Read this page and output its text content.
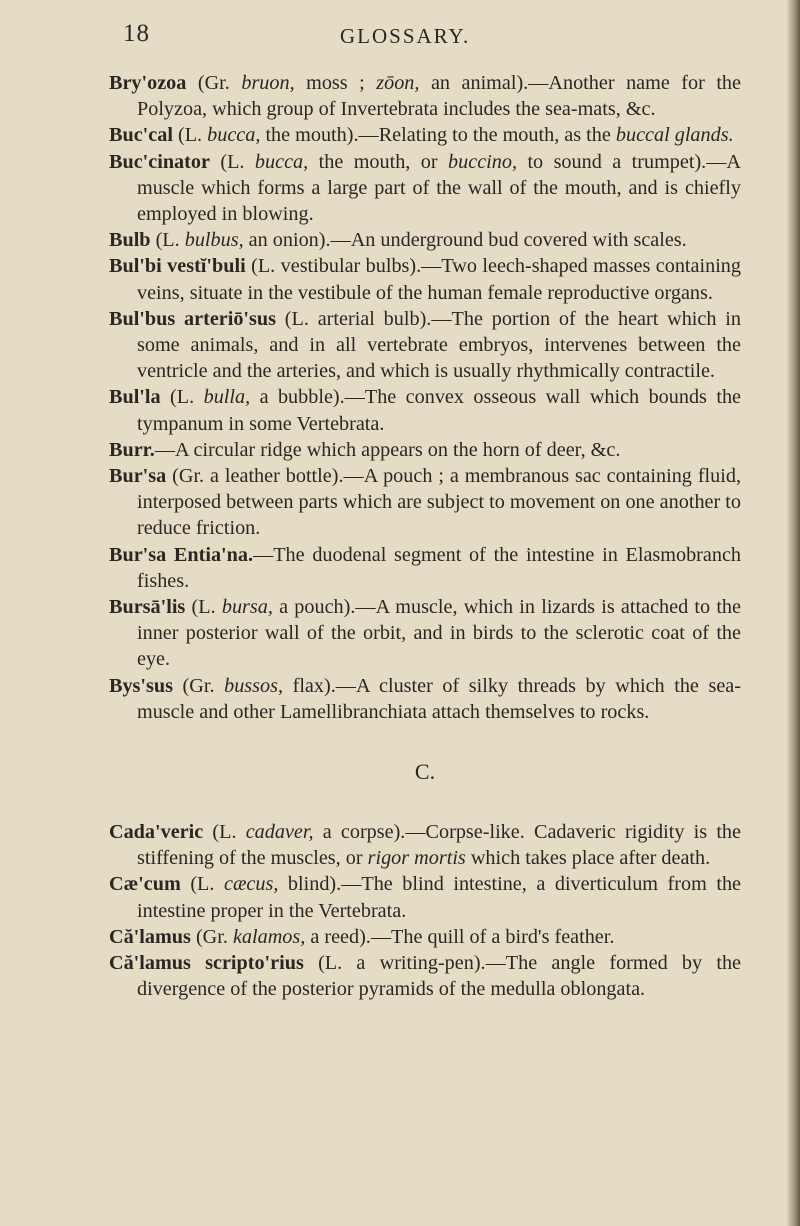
18	GLOSSARY.
Bry'ozoa (Gr. bruon, moss ; zōon, an animal).—Another name for the Polyzoa, which group of Invertebrata includes the sea-mats, &c.
Buc'cal (L. bucca, the mouth).—Relating to the mouth, as the buccal glands.
Buc'cinator (L. bucca, the mouth, or buccino, to sound a trumpet).—A muscle which forms a large part of the wall of the mouth, and is chiefly employed in blowing.
Bulb (L. bulbus, an onion).—An underground bud covered with scales.
Bul'bi vestĭ'buli (L. vestibular bulbs).—Two leech-shaped masses containing veins, situate in the vestibule of the human female reproductive organs.
Bul'bus arteriō'sus (L. arterial bulb).—The portion of the heart which in some animals, and in all vertebrate embryos, intervenes between the ventricle and the arteries, and which is usually rhythmically contractile.
Bul'la (L. bulla, a bubble).—The convex osseous wall which bounds the tympanum in some Vertebrata.
Burr.—A circular ridge which appears on the horn of deer, &c.
Bur'sa (Gr. a leather bottle).—A pouch ; a membranous sac containing fluid, interposed between parts which are subject to movement on one another to reduce friction.
Bur'sa Entia'na.—The duodenal segment of the intestine in Elasmobranch fishes.
Bursā'lis (L. bursa, a pouch).—A muscle, which in lizards is attached to the inner posterior wall of the orbit, and in birds to the sclerotic coat of the eye.
Bys'sus (Gr. bussos, flax).—A cluster of silky threads by which the sea-muscle and other Lamellibranchiata attach themselves to rocks.
C.
Cada'veric (L. cadaver, a corpse).—Corpse-like. Cadaveric rigidity is the stiffening of the muscles, or rigor mortis which takes place after death.
Cæ'cum (L. cæcus, blind).—The blind intestine, a diverticulum from the intestine proper in the Vertebrata.
Că'lamus (Gr. kalamos, a reed).—The quill of a bird's feather.
Că'lamus scripto'rius (L. a writing-pen).—The angle formed by the divergence of the posterior pyramids of the medulla oblongata.
